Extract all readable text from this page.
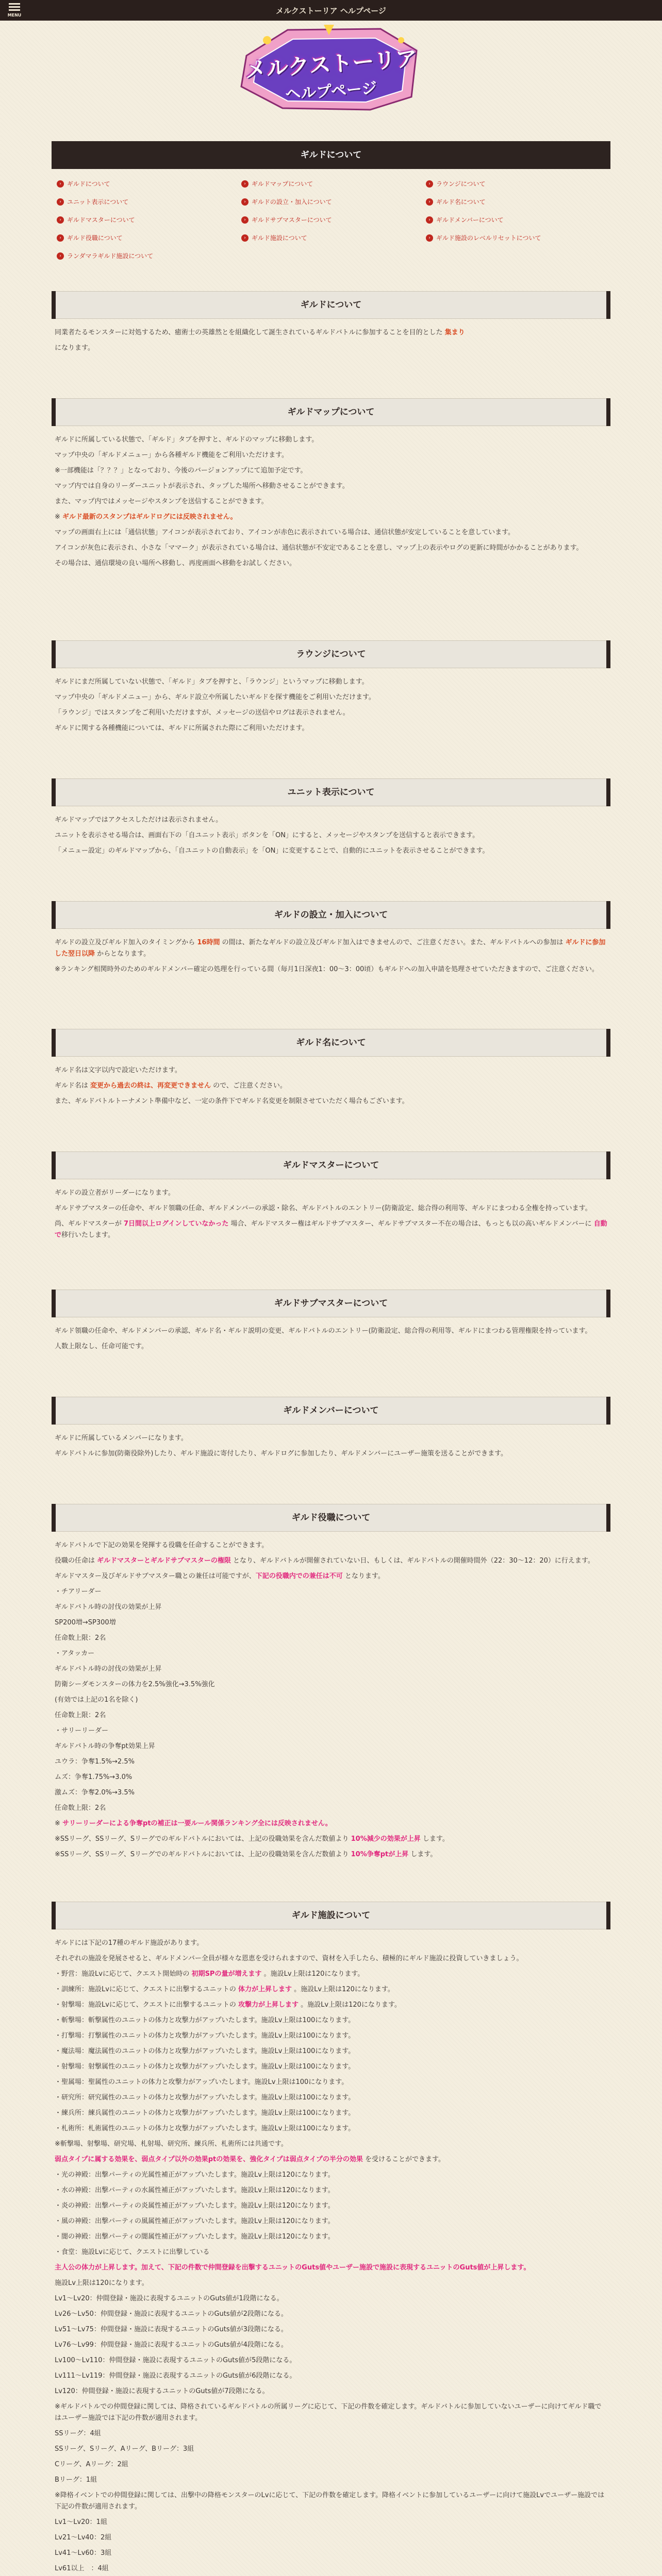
MENU	メルクストーリア ヘルプページ
メルクストーリア
ヘルプページ
ギルドについて
› ギルドについて	› ギルドマップについて	› ラウンジについて
› ユニット表示について	› ギルドの設立・加入について	› ギルド名について
› ギルドマスターについて	› ギルドサブマスターについて	› ギルドメンバーについて
› ギルド役職について	› ギルド施設について	› ギルド施設のレベルリセットについて
› ランダマラギルド施設について
ギルドについて

同業者たるモンスターに対処するため、癒術士の英雄然とを組織化して誕生されているギルドバトルに参加することを目的とした 集まり

になります。

ギルドマップについて

ギルドに所属している状態で、「ギルド」タブを押すと、ギルドのマップに移動します。

マップ中央の「ギルドメニュー」から各種ギルド機能をご利用いただけます。

※一部機能は「？？？」となっており、今後のバージョンアップにて追加予定です。

マップ内では自身のリーダーユニットが表示され、タップした場所へ移動させることができます。

また、マップ内ではメッセージやスタンプを送信することができます。

※ ギルド最新のスタンプはギルドログには反映されません。

マップの画面右上には「通信状態」アイコンが表示されており、アイコンが赤色に表示されている場合は、通信状態が安定していることを意しています。

アイコンが灰色に表示され、小さな「ママーク」が表示されている場合は、通信状態が不安定であることを意し、マップ上の表示やログの更新に時間がかかることがあります。

その場合は、通信環境の良い場所へ移動し、再度画面へ移動をお試しください。

ラウンジについて

ギルドにまだ所属していない状態で、「ギルド」タブを押すと、「ラウンジ」というマップに移動します。

マップ中央の「ギルドメニュー」から、ギルド設立や所属したいギルドを探す機能をご利用いただけます。

「ラウンジ」ではスタンプをご利用いただけますが、メッセージの送信やログは表示されません。

ギルドに関する各種機能については、ギルドに所属された際にご利用いただけます。

ユニット表示について

ギルドマップではアクセスしただけは表示されません。

ユニットを表示させる場合は、画面右下の「自ユニット表示」ボタンを「ON」にすると、メッセージやスタンプを送信すると表示できます。

「メニュー設定」のギルドマップから、「自ユニットの自動表示」を「ON」に変更することで、自動的にユニットを表示させることができます。

ギルドの設立・加入について

ギルドの設立及びギルド加入のタイミングから 16時間 の間は、新たなギルドの設立及びギルド加入はできませんので、ご注意ください。また、ギルドバトルへの参加は ギルドに参加した翌日以降 からとなります。

※ランキング相関時外のためのギルドメンバー確定の処理を行っている間（毎月1日深夜1：00〜3：00頃）もギルドへの加入申請を処理させていただきますので、ご注意ください。

ギルド名について

ギルド名は文字以内で設定いただけます。

ギルド名は 変更から過去の終は、再変更できません ので、ご注意ください。

また、ギルドバトルトーナメント準備中など、一定の条件下でギルド名変更を制限させていただく場合もございます。

ギルドマスターについて

ギルドの設立者がリーダーになります。

ギルドサブマスターの任命や、ギルド領職の任命、ギルドメンバーの承認・除名、ギルドバトルのエントリー(防衛設定、総合得の利用等、ギルドにまつわる全権を持っています。

尚、ギルドマスターが 7日間以上ログインしていなかった 場合、ギルドマスター権はギルドサブマスター、ギルドサブマスター不在の場合は、もっとも以の高いギルドメンバーに 自動で移行いたします。

ギルドサブマスターについて

ギルド領職の任命や、ギルドメンバーの承認、ギルド名・ギルド説明の変更、ギルドバトルのエントリー(防衛設定、総合得の利用等、ギルドにまつわる管理権限を持っています。

人数上限なし、任命可能です。

ギルドメンバーについて

ギルドに所属しているメンバーになります。

ギルドバトルに参加(防衛役除外)したり、ギルド施設に寄付したり、ギルドログに参加したり、ギルドメンバーにユーザー施策を送ることができます。

ギルド役職について

ギルドバトルで下記の効果を発揮する役職を任命することができます。

役職の任命は ギルドマスターとギルドサブマスターの権限 となり、ギルドバトルが開催されていない日、もしくは、ギルドバトルの開催時間外（22：30〜12：20）に行えます。

ギルドマスター及びギルドサブマスター職との兼任は可能ですが、下記の役職内での兼任は不可 となります。

・チアリーダー

ギルドバトル時の討伐の効果が上昇

SP200増→SP300増

任命数上限：2名

・アタッカー

ギルドバトル時の討伐の効果が上昇

防衛シーダモンスターの体力を2.5%強化→3.5%強化

(有効では上記の1名を除く)

任命数上限：2名

・サリーリーダー

ギルドバトル時の争奪pt効果上昇

ユウラ：争奪1.5%→2.5%

ムズ：争奪1.75%→3.0%

激ムズ：争奪2.0%→3.5%

任命数上限：2名

※ サリーリーダーによる争奪ptの補正は一要ルール関係ランキング全には反映されません。

※SSリーグ、SSリーグ、Sリーグでのギルドバトルにおいては、上記の役職効果を含んだ数値より 10%減少の効果が上昇 します。

※SSリーグ、SSリーグ、Sリーグでのギルドバトルにおいては、上記の役職効果を含んだ数値より 10%争奪ptが上昇 します。

ギルド施設について

ギルドには下記の17種のギルド施設があります。

それぞれの施設を発展させると、ギルドメンバー全員が様々な恩恵を受けられますので、資材を入手したら、積極的にギルド施設に投資していきましょう。

・野営：施設Lvに応じて、クエスト開始時の 初期SPの量が増えます 。施設Lv上限は120になります。

・訓練所：施設Lvに応じて、クエストに出撃するユニットの 体力が上昇します 。施設Lv上限は120になります。

・射撃場：施設Lvに応じて、クエストに出撃するユニットの 攻撃力が上昇します 。施設Lv上限は120になります。

・斬撃場：斬撃属性のユニットの体力と攻撃力がアップいたします。施設Lv上限は100になります。

・打撃場：打撃属性のユニットの体力と攻撃力がアップいたします。施設Lv上限は100になります。

・魔法場：魔法属性のユニットの体力と攻撃力がアップいたします。施設Lv上限は100になります。

・射撃場：射撃属性のユニットの体力と攻撃力がアップいたします。施設Lv上限は100になります。

・聖属場：聖属性のユニットの体力と攻撃力がアップいたします。施設Lv上限は100になります。

・研究所：研究属性のユニットの体力と攻撃力がアップいたします。施設Lv上限は100になります。

・練兵所：練兵属性のユニットの体力と攻撃力がアップいたします。施設Lv上限は100になります。

・札術所：札術属性のユニットの体力と攻撃力がアップいたします。施設Lv上限は100になります。

※斬撃場、射撃場、研究場、札射場、研究所、練兵所、札術所には共通です。

弱点タイプに属する効果を、弱点タイプ以外の効果ptの効果を、強化タイプは弱点タイプの半分の効果 を受けることができます。

・光の神殿：出撃パーティの光属性補正がアップいたします。施設Lv上限は120になります。

・水の神殿：出撃パーティの水属性補正がアップいたします。施設Lv上限は120になります。

・炎の神殿：出撃パーティの炎属性補正がアップいたします。施設Lv上限は120になります。

・風の神殿：出撃パーティの風属性補正がアップいたします。施設Lv上限は120になります。

・闇の神殿：出撃パーティの闇属性補正がアップいたします。施設Lv上限は120になります。

・食堂：施設Lvに応じて、クエストに出撃している

主人公の体力が上昇します。加えて、下記の件数で仲間登録を出撃するユニットのGuts値やユーザー施設で施設に表現するユニットのGuts値が上昇します。

施設Lv上限は120になります。

Lv1〜Lv20：仲間登録・施設に表現するユニットのGuts値が1段階になる。

Lv26〜Lv50：仲間登録・施設に表現するユニットのGuts値が2段階になる。

Lv51〜Lv75：仲間登録・施設に表現するユニットのGuts値が3段階になる。

Lv76〜Lv99：仲間登録・施設に表現するユニットのGuts値が4段階になる。

Lv100〜Lv110：仲間登録・施設に表現するユニットのGuts値が5段階になる。

Lv111〜Lv119：仲間登録・施設に表現するユニットのGuts値が6段階になる。

Lv120：仲間登録・施設に表現するユニットのGuts値が7段階になる。

※ギルドバトルでの仲間登録に関しては、降格されているギルドバトルの所属リーグに応じて、下記の件数を確定します。ギルドバトルに参加していないユーザーに向けてギルド職ではユーザー施設では下記の件数が適用されます。

SSリーグ：4組

SSリーグ、Sリーグ、Aリーグ、Bリーグ：3組

Cリーグ、Aリーグ：2組

Bリーグ：1組

※降格イベントでの仲間登録に関しては、出撃中の降格モンスターのLvに応じて、下記の件数を確定します。降格イベントに参加しているユーザーに向けて施設Lvでユーザー施設では下記の件数が適用されます。

Lv1〜Lv20：1組

Lv21〜Lv40：2組

Lv41〜Lv60：3組

Lv61以上　：4組
